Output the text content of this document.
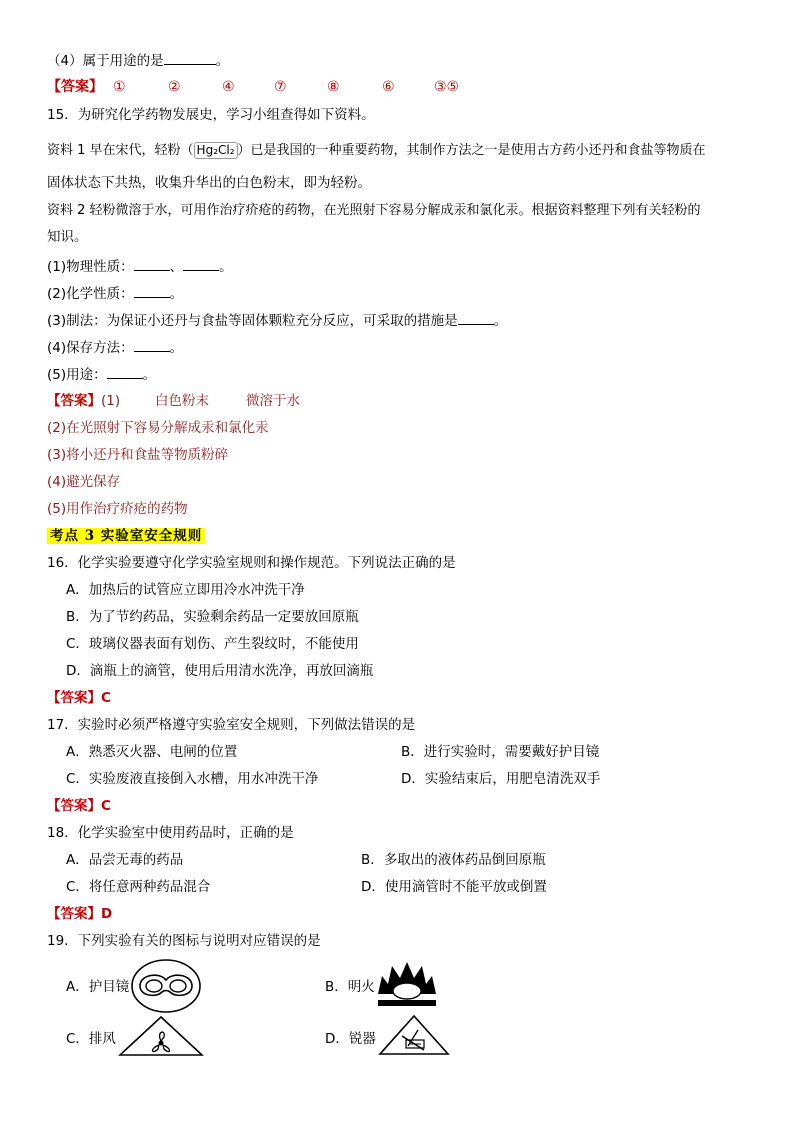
（4）属于用途的是	。
【答案】 ①	②	④	⑦	⑧	⑥	③⑤
15．为研究化学药物发展史，学习小组查得如下资料。
资料 1 早在宋代，轻粉（ Hg₂Cl₂ ）已是我国的一种重要药物，其制作方法之一是使用古方药小还丹和食盐等物质在
固体状态下共热，收集升华出的白色粉末，即为轻粉。
资料 2 轻粉微溶于水，可用作治疗疥疮的药物，在光照射下容易分解成汞和氯化汞。根据资料整理下列有关轻粉的
知识。
(1)物理性质：	、	。
(2)化学性质：	。
(3)制法：为保证小还丹与食盐等固体颗粒充分反应，可采取的措施是	。
(4)保存方法：	。
(5)用途：	。
【答案】(1)	白色粉末	微溶于水
(2)在光照射下容易分解成汞和氯化汞
(3)将小还丹和食盐等物质粉碎
(4)避光保存
(5)用作治疗疥疮的药物
考点 3 实验室安全规则
16．化学实验要遵守化学实验室规则和操作规范。下列说法正确的是
A．加热后的试管应立即用冷水冲洗干净
B．为了节约药品，实验剩余药品一定要放回原瓶
C．玻璃仪器表面有划伤、产生裂纹时，不能使用
D．滴瓶上的滴管，使用后用清水洗净，再放回滴瓶
【答案】C
17．实验时必须严格遵守实验室安全规则，下列做法错误的是
A．熟悉灭火器、电闸的位置	B．进行实验时，需要戴好护目镜
C．实验废液直接倒入水槽，用水冲洗干净	D．实验结束后，用肥皂清洗双手
【答案】C
18．化学实验室中使用药品时，正确的是
A．品尝无毒的药品	B．多取出的液体药品倒回原瓶
C．将任意两种药品混合	D．使用滴管时不能平放或倒置
【答案】D
19．下列实验有关的图标与说明对应错误的是
A．护目镜	B．明火
C．排风	D．锐器
